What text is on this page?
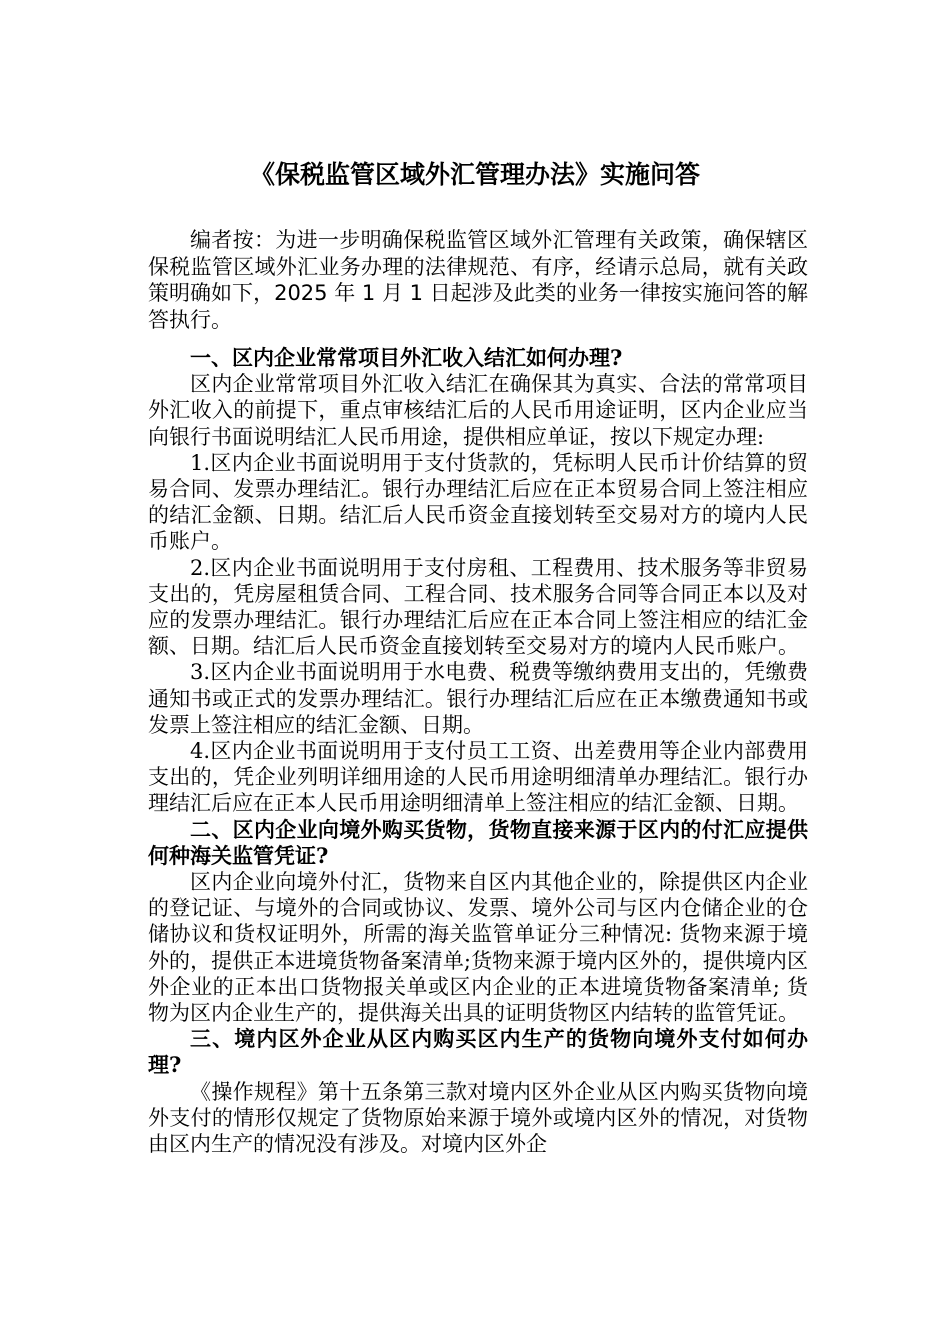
《保税监管区域外汇管理办法》实施问答
编者按：为进一步明确保税监管区域外汇管理有关政策，确保辖区保税监管区域外汇业务办理的法律规范、有序，经请示总局，就有关政策明确如下，2025 年 1 月 1 日起涉及此类的业务一律按实施问答的解答执行。

一、区内企业常常项目外汇收入结汇如何办理?

区内企业常常项目外汇收入结汇在确保其为真实、合法的常常项目外汇收入的前提下，重点审核结汇后的人民币用途证明，区内企业应当向银行书面说明结汇人民币用途，提供相应单证，按以下规定办理:

1.区内企业书面说明用于支付货款的，凭标明人民币计价结算的贸易合同、发票办理结汇。银行办理结汇后应在正本贸易合同上签注相应的结汇金额、日期。结汇后人民币资金直接划转至交易对方的境内人民币账户。

2.区内企业书面说明用于支付房租、工程费用、技术服务等非贸易支出的，凭房屋租赁合同、工程合同、技术服务合同等合同正本以及对应的发票办理结汇。银行办理结汇后应在正本合同上签注相应的结汇金额、日期。结汇后人民币资金直接划转至交易对方的境内人民币账户。

3.区内企业书面说明用于水电费、税费等缴纳费用支出的，凭缴费通知书或正式的发票办理结汇。银行办理结汇后应在正本缴费通知书或发票上签注相应的结汇金额、日期。

4.区内企业书面说明用于支付员工工资、出差费用等企业内部费用支出的，凭企业列明详细用途的人民币用途明细清单办理结汇。银行办理结汇后应在正本人民币用途明细清单上签注相应的结汇金额、日期。

二、区内企业向境外购买货物，货物直接来源于区内的付汇应提供何种海关监管凭证?

区内企业向境外付汇，货物来自区内其他企业的，除提供区内企业的登记证、与境外的合同或协议、发票、境外公司与区内仓储企业的仓储协议和货权证明外，所需的海关监管单证分三种情况: 货物来源于境外的，提供正本进境货物备案清单;货物来源于境内区外的，提供境内区外企业的正本出口货物报关单或区内企业的正本进境货物备案清单; 货物为区内企业生产的，提供海关出具的证明货物区内结转的监管凭证。

三、境内区外企业从区内购买区内生产的货物向境外支付如何办理?

《操作规程》第十五条第三款对境内区外企业从区内购买货物向境外支付的情形仅规定了货物原始来源于境外或境内区外的情况，对货物由区内生产的情况没有涉及。对境内区外企
